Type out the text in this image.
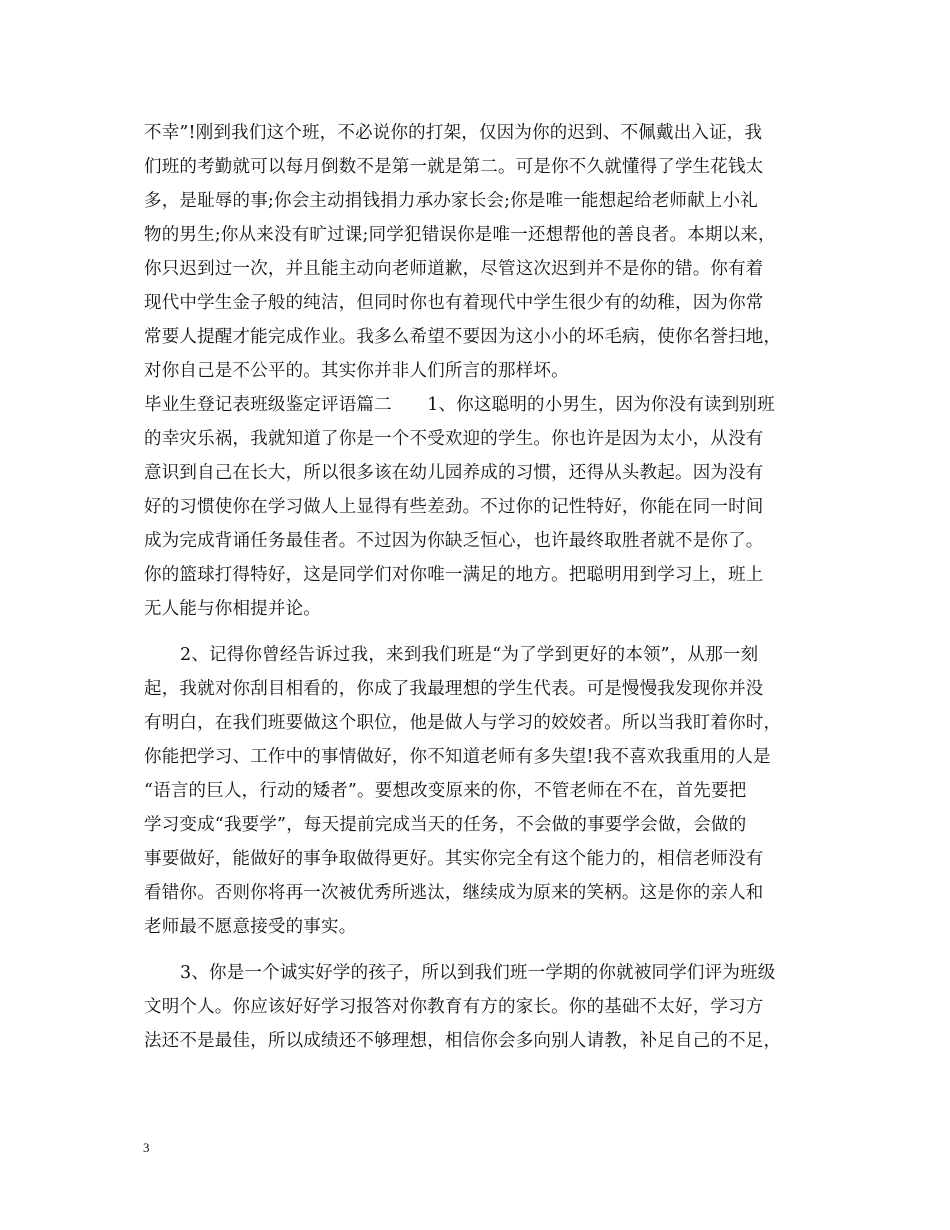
不幸”!刚到我们这个班，不必说你的打架，仅因为你的迟到、不佩戴出入证，我
们班的考勤就可以每月倒数不是第一就是第二。可是你不久就懂得了学生花钱太
多，是耻辱的事;你会主动捐钱捐力承办家长会;你是唯一能想起给老师献上小礼
物的男生;你从来没有旷过课;同学犯错误你是唯一还想帮他的善良者。本期以来，
你只迟到过一次，并且能主动向老师道歉，尽管这次迟到并不是你的错。你有着
现代中学生金子般的纯洁，但同时你也有着现代中学生很少有的幼稚，因为你常
常要人提醒才能完成作业。我多么希望不要因为这小小的坏毛病，使你名誉扫地，
对你自己是不公平的。其实你并非人们所言的那样坏。
毕业生登记表班级鉴定评语篇二　　1、你这聪明的小男生，因为你没有读到别班
的幸灾乐祸，我就知道了你是一个不受欢迎的学生。你也许是因为太小，从没有
意识到自己在长大，所以很多该在幼儿园养成的习惯，还得从头教起。因为没有
好的习惯使你在学习做人上显得有些差劲。不过你的记性特好，你能在同一时间
成为完成背诵任务最佳者。不过因为你缺乏恒心，也许最终取胜者就不是你了。
你的篮球打得特好，这是同学们对你唯一满足的地方。把聪明用到学习上，班上
无人能与你相提并论。
2、记得你曾经告诉过我，来到我们班是“为了学到更好的本领”，从那一刻
起，我就对你刮目相看的，你成了我最理想的学生代表。可是慢慢我发现你并没
有明白，在我们班要做这个职位，他是做人与学习的姣姣者。所以当我盯着你时，
你能把学习、工作中的事情做好，你不知道老师有多失望!我不喜欢我重用的人是
“语言的巨人，行动的矮者”。要想改变原来的你，不管老师在不在，首先要把
学习变成“我要学”，每天提前完成当天的任务，不会做的事要学会做，会做的
事要做好，能做好的事争取做得更好。其实你完全有这个能力的，相信老师没有
看错你。否则你将再一次被优秀所逃汰，继续成为原来的笑柄。这是你的亲人和
老师最不愿意接受的事实。
3、你是一个诚实好学的孩子，所以到我们班一学期的你就被同学们评为班级
文明个人。你应该好好学习报答对你教育有方的家长。你的基础不太好，学习方
法还不是最佳，所以成绩还不够理想，相信你会多向别人请教，补足自己的不足，
3
